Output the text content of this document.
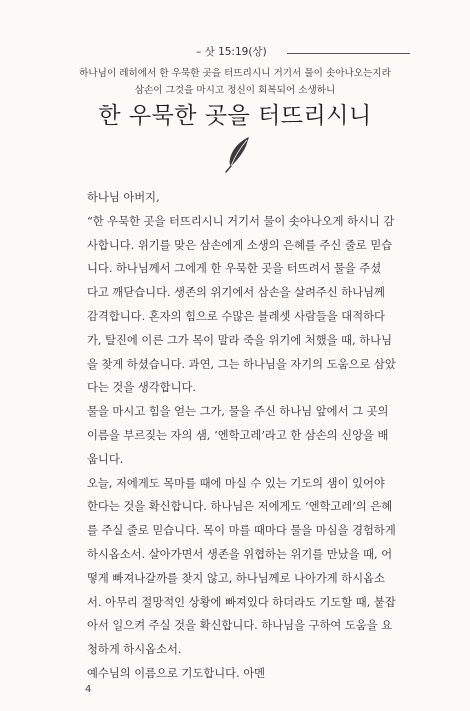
– 삿 15:19(상)
하나님이 레히에서 한 우묵한 곳을 터뜨리시니 거기서 물이 솟아나오는지라
삼손이 그것을 마시고 정신이 회복되어 소생하니
한 우묵한 곳을 터뜨리시니

하나님 아버지,

“한 우묵한 곳을 터뜨리시니 거기서 물이 솟아나오게 하시니 감

사합니다. 위기를 맞은 삼손에게 소생의 은혜를 주신 줄로 믿습

니다. 하나님께서 그에게 한 우묵한 곳을 터뜨려서 물을 주셨

다고 깨닫습니다. 생존의 위기에서 삼손을 살려주신 하나님께

감격합니다. 혼자의 힘으로 수많은 블레셋 사람들을 대적하다

가, 탈진에 이른 그가 목이 말라 죽을 위기에 처했을 때, 하나님

을 찾게 하셨습니다. 과연, 그는 하나님을 자기의 도움으로 삼았

다는 것을 생각합니다.

물을 마시고 힘을 얻는 그가, 물을 주신 하나님 앞에서 그 곳의

이름을 부르짖는 자의 샘, ‘엔학고레’라고 한 삼손의 신앙을 배

웁니다.

오늘, 저에게도 목마를 때에 마실 수 있는 기도의 샘이 있어야

한다는 것을 확신합니다. 하나님은 저에게도 ‘엔학고레’의 은혜

를 주실 줄로 믿습니다. 목이 마를 때마다 물을 마심을 경험하게

하시옵소서. 살아가면서 생존을 위협하는 위기를 만났을 때, 어

떻게 빠져나갈까를 찾지 않고, 하나님께로 나아가게 하시옵소

서. 아무리 절망적인 상황에 빠져있다 하더라도 기도할 때, 붙잡

아서 일으켜 주실 것을 확신합니다. 하나님을 구하여 도움을 요

청하게 하시옵소서.

예수님의 이름으로 기도합니다. 아멘

4
